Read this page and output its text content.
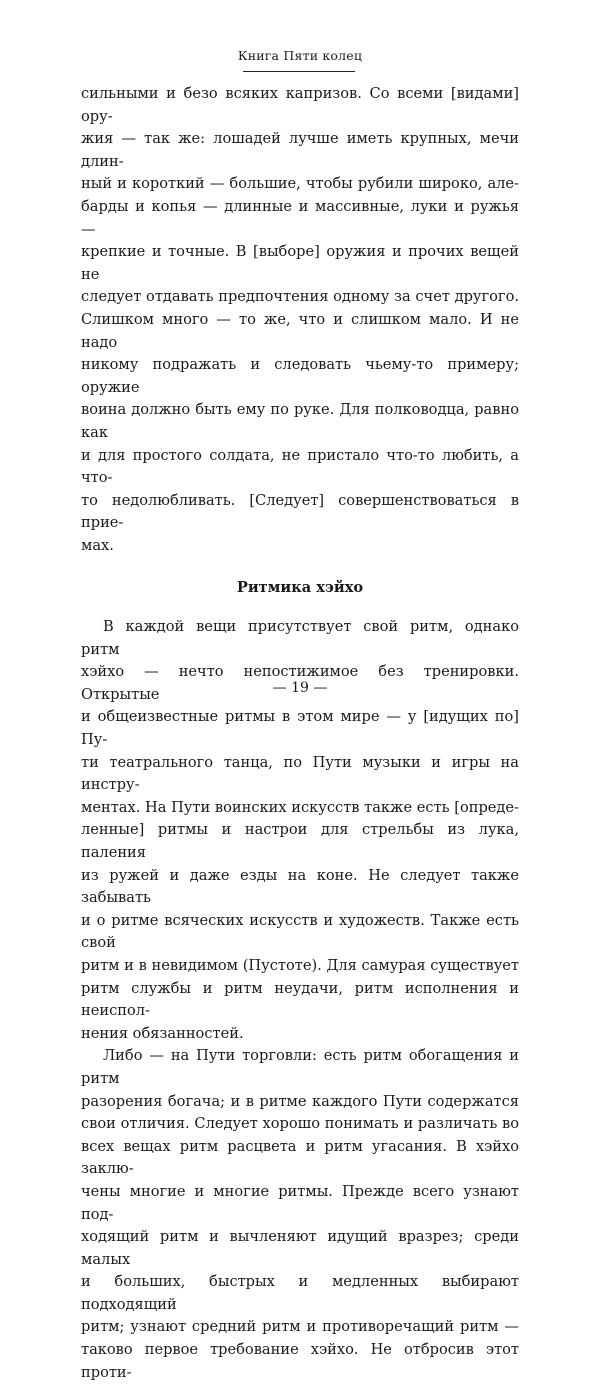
Книга Пяти колец

сильными и безо всяких капризов. Со всеми [видами] ору-
жия — так же: лошадей лучше иметь крупных, мечи длин-
ный и короткий — большие, чтобы рубили широко, але-
барды и копья — длинные и массивные, луки и ружья —
крепкие и точные. В [выборе] оружия и прочих вещей не
следует отдавать предпочтения одному за счет другого.
Слишком много — то же, что и слишком мало. И не надо
никому подражать и следовать чьему-то примеру; оружие
воина должно быть ему по руке. Для полководца, равно как
и для простого солдата, не пристало что-то любить, а что-
то недолюбливать. [Следует] совершенствоваться в прие-
мах.

Ритмика хэйхо

В каждой вещи присутствует свой ритм, однако ритм
хэйхо — нечто непостижимое без тренировки. Открытые
и общеизвестные ритмы в этом мире — у [идущих по] Пу-
ти театрального танца, по Пути музыки и игры на инстру-
ментах. На Пути воинских искусств также есть [опреде-
ленные] ритмы и настрои для стрельбы из лука, паления
из ружей и даже езды на коне. Не следует также забывать
и о ритме всяческих искусств и художеств. Также есть свой
ритм и в невидимом (Пустоте). Для самурая существует
ритм службы и ритм неудачи, ритм исполнения и неиспол-
нения обязанностей.

Либо — на Пути торговли: есть ритм обогащения и ритм
разорения богача; и в ритме каждого Пути содержатся
свои отличия. Следует хорошо понимать и различать во
всех вещах ритм расцвета и ритм угасания. В хэйхо заклю-
чены многие и многие ритмы. Прежде всего узнают под-
ходящий ритм и вычленяют идущий вразрез; среди малых
и больших, быстрых и медленных выбирают подходящий
ритм; узнают средний ритм и противоречащий ритм —
таково первое требование хэйхо. Не отбросив этот проти-

— 19 —
